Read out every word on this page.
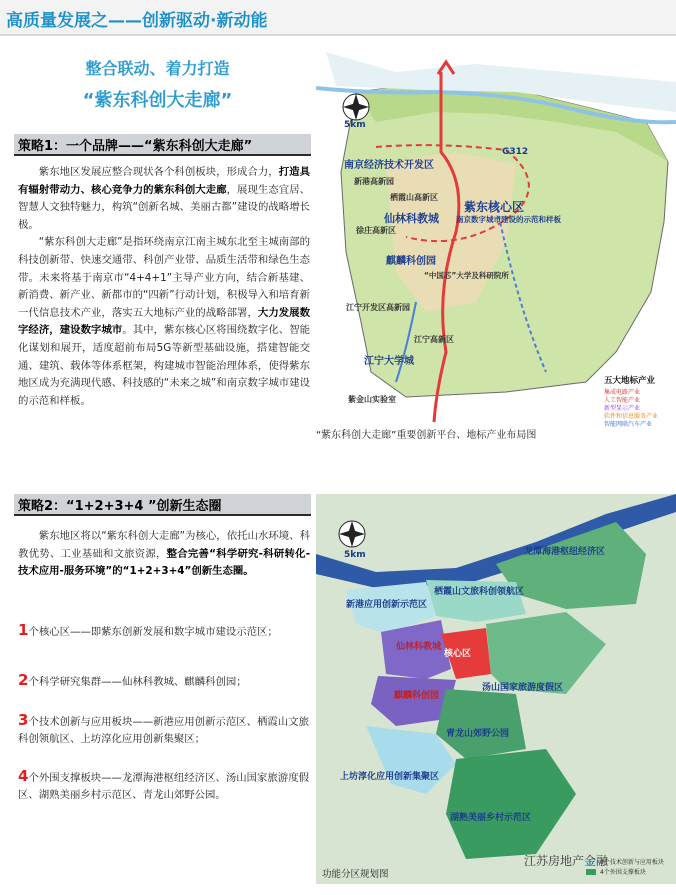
高质量发展之——创新驱动·新动能
整合联动、着力打造
“紫东科创大走廊”
策略1：一个品牌——“紫东科创大走廊”

紫东地区发展应整合现状各个科创板块，形成合力，打造具有辐射带动力、核心竞争力的紫东科创大走廊，展现生态宜居、智慧人文独特魅力，构筑“创新名城、美丽古都”建设的战略增长极。

“紫东科创大走廊”是指环绕南京江南主城东北至主城南部的科技创新带、快速交通带、科创产业带、品质生活带和绿色生态带。未来将基于南京市“4+4+1”主导产业方向，结合新基建、新消费、新产业、新都市的“四新”行动计划，积极导入和培育新一代信息技术产业，落实五大地标产业的战略部署，大力发展数字经济，建设数字城市。其中，紫东核心区将围绕数字化、智能化谋划和展开，适度超前布局5G等新型基础设施，搭建智能交通、建筑、载体等体系框架，构建城市智能治理体系，使得紫东地区成为充满现代感、科技感的“未来之城”和南京数字城市建设的示范和样板。

5km
G312
南京经济技术开发区
新港高新园
栖霞山高新区
仙林科教城
徐庄高新区
紫东核心区
南京数字城市建设的示范和样板
麒麟科创园
“中国芯”大学及科研院所
江宁开发区高新园
江宁高新区
江宁大学城
紫金山实验室
五大地标产业
集成电路产业
人工智能产业
新型显示产业
软件和信息服务产业
智能网联汽车产业
“紫东科创大走廊”重要创新平台、地标产业布局图
策略2：“1+2+3+4 ”创新生态圈

紫东地区将以“紫东科创大走廊”为核心，依托山水环境、科教优势、工业基础和文旅资源，整合完善“科学研究-科研转化-技术应用-服务环境”的“1+2+3+4”创新生态圈。

1个核心区——即紫东创新发展和数字城市建设示范区；
2个科学研究集群——仙林科教城、麒麟科创园；
3个技术创新与应用板块——新港应用创新示范区、栖霞山文旅科创领航区、上坊淳化应用创新集聚区；
4个外围支撑板块——龙潭海港枢纽经济区、汤山国家旅游度假区、湖熟美丽乡村示范区、青龙山郊野公园。
5km	龙潭海港枢纽经济区
栖霞山文旅科创领航区
新港应用创新示范区
仙林科教城
核心区
麒麟科创园
汤山国家旅游度假区
青龙山郊野公园
上坊淳化应用创新集聚区
湖熟美丽乡村示范区
3个技术创新与应用板块
4个外围支撑板块
功能分区规划图
江苏房地产金融
